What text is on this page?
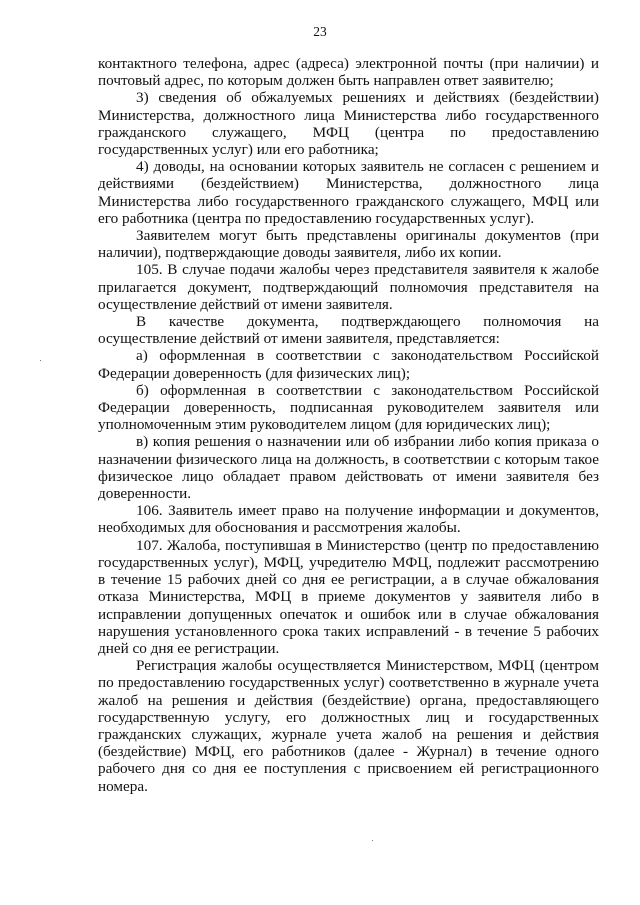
23

контактного телефона, адрес (адреса) электронной почты (при наличии) и почтовый адрес, по которым должен быть направлен ответ заявителю;

3) сведения об обжалуемых решениях и действиях (бездействии) Министерства, должностного лица Министерства либо государственного гражданского служащего, МФЦ (центра по предоставлению государственных услуг) или его работника;

4) доводы, на основании которых заявитель не согласен с решением и действиями (бездействием) Министерства, должностного лица Министерства либо государственного гражданского служащего, МФЦ или его работника (центра по предоставлению государственных услуг).

Заявителем могут быть представлены оригиналы документов (при наличии), подтверждающие доводы заявителя, либо их копии.

105. В случае подачи жалобы через представителя заявителя к жалобе прилагается документ, подтверждающий полномочия представителя на осуществление действий от имени заявителя.

В качестве документа, подтверждающего полномочия на осуществление действий от имени заявителя, представляется:

а) оформленная в соответствии с законодательством Российской Федерации доверенность (для физических лиц);

б) оформленная в соответствии с законодательством Российской Федерации доверенность, подписанная руководителем заявителя или уполномоченным этим руководителем лицом (для юридических лиц);

в) копия решения о назначении или об избрании либо копия приказа о назначении физического лица на должность, в соответствии с которым такое физическое лицо обладает правом действовать от имени заявителя без доверенности.

106. Заявитель имеет право на получение информации и документов, необходимых для обоснования и рассмотрения жалобы.

107. Жалоба, поступившая в Министерство (центр по предоставлению государственных услуг), МФЦ, учредителю МФЦ, подлежит рассмотрению в течение 15 рабочих дней со дня ее регистрации, а в случае обжалования отказа Министерства, МФЦ в приеме документов у заявителя либо в исправлении допущенных опечаток и ошибок или в случае обжалования нарушения установленного срока таких исправлений - в течение 5 рабочих дней со дня ее регистрации.

Регистрация жалобы осуществляется Министерством, МФЦ (центром по предоставлению государственных услуг) соответственно в журнале учета жалоб на решения и действия (бездействие) органа, предоставляющего государственную услугу, его должностных лиц и государственных гражданских служащих, журнале учета жалоб на решения и действия (бездействие) МФЦ, его работников (далее - Журнал) в течение одного рабочего дня со дня ее поступления с присвоением ей регистрационного номера.
